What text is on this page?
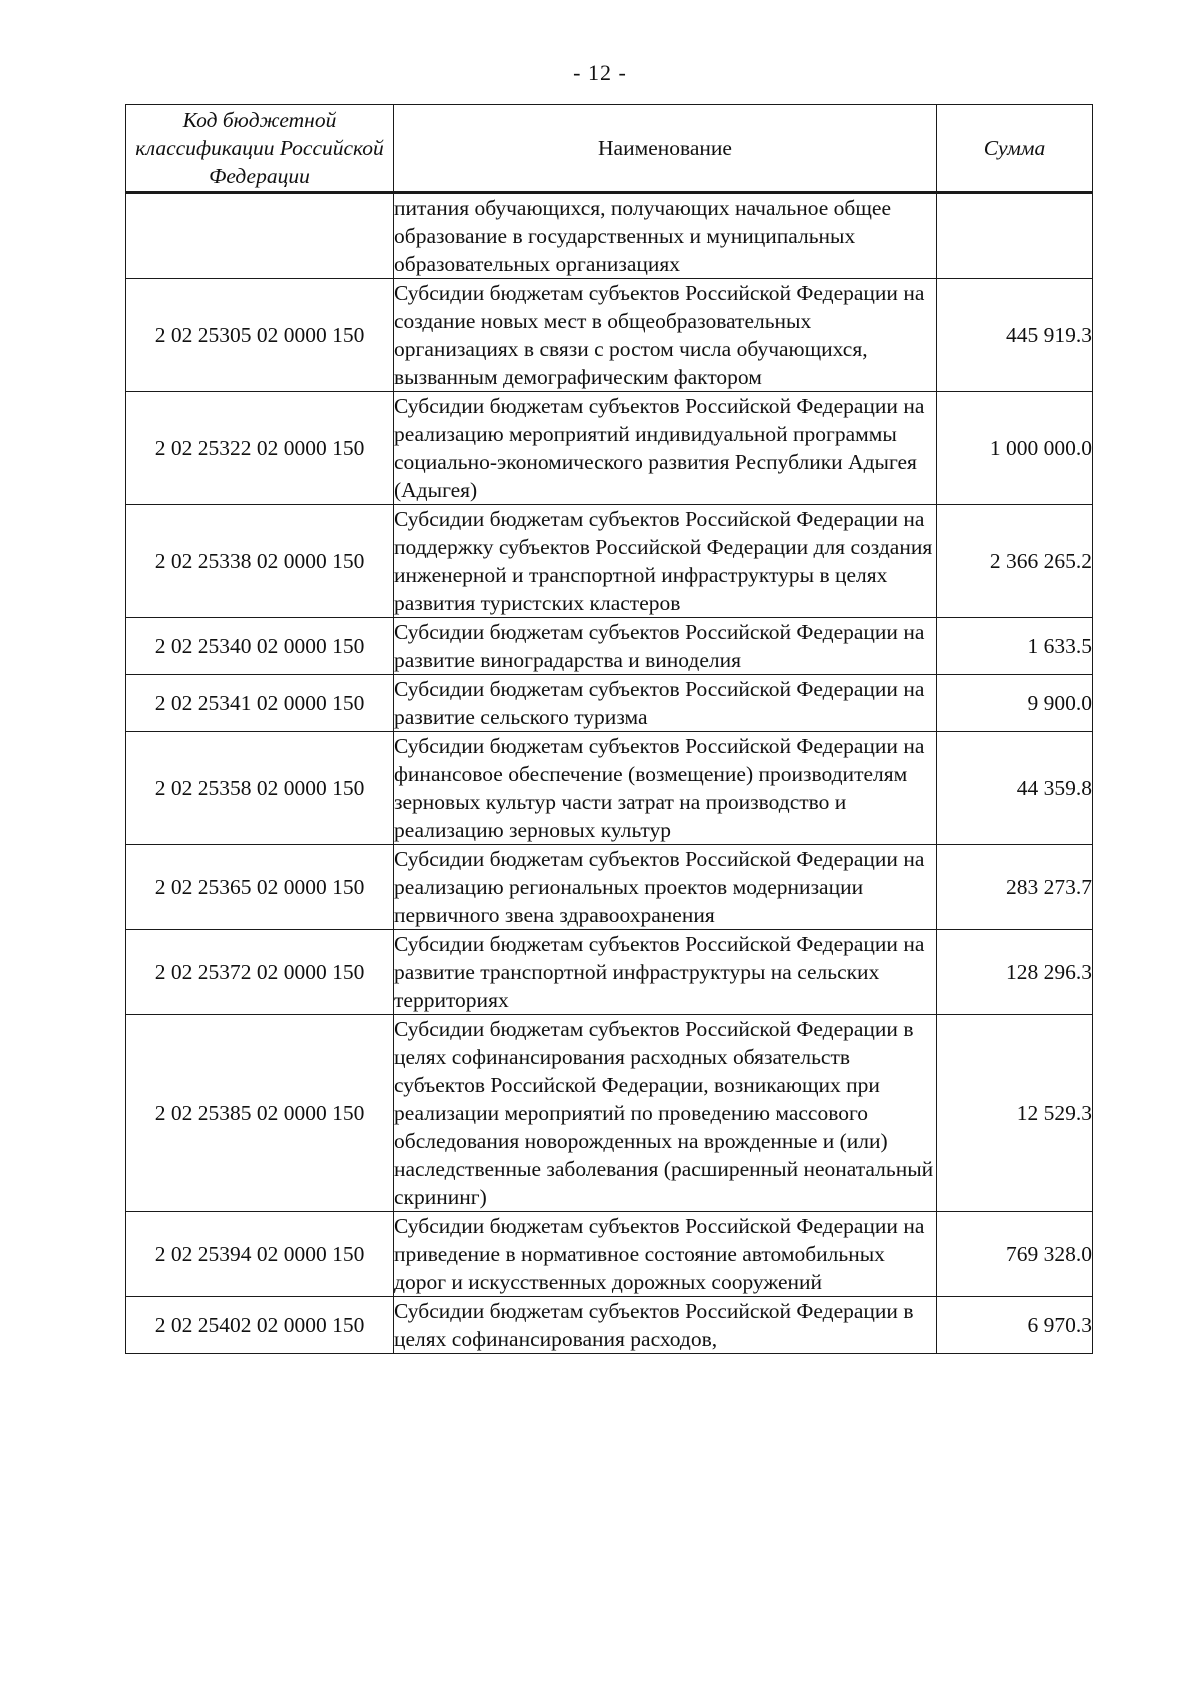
- 12 -
Код бюджетной классификации Российской Федерации	Наименование	Сумма
	питания обучающихся, получающих начальное общее образование в государственных и муниципальных образовательных организациях	
2 02 25305 02 0000 150	Субсидии бюджетам субъектов Российской Федерации на создание новых мест в общеобразовательных организациях в связи с ростом числа обучающихся, вызванным демографическим фактором	445 919.3
2 02 25322 02 0000 150	Субсидии бюджетам субъектов Российской Федерации на реализацию мероприятий индивидуальной программы социально-экономического развития Республики Адыгея (Адыгея)	1 000 000.0
2 02 25338 02 0000 150	Субсидии бюджетам субъектов Российской Федерации на поддержку субъектов Российской Федерации для создания инженерной и транспортной инфраструктуры в целях развития туристских кластеров	2 366 265.2
2 02 25340 02 0000 150	Субсидии бюджетам субъектов Российской Федерации на развитие виноградарства и виноделия	1 633.5
2 02 25341 02 0000 150	Субсидии бюджетам субъектов Российской Федерации на развитие сельского туризма	9 900.0
2 02 25358 02 0000 150	Субсидии бюджетам субъектов Российской Федерации на финансовое обеспечение (возмещение) производителям зерновых культур части затрат на производство и реализацию зерновых культур	44 359.8
2 02 25365 02 0000 150	Субсидии бюджетам субъектов Российской Федерации на реализацию региональных проектов модернизации первичного звена здравоохранения	283 273.7
2 02 25372 02 0000 150	Субсидии бюджетам субъектов Российской Федерации на развитие транспортной инфраструктуры на сельских территориях	128 296.3
2 02 25385 02 0000 150	Субсидии бюджетам субъектов Российской Федерации в целях софинансирования расходных обязательств субъектов Российской Федерации, возникающих при реализации мероприятий по проведению массового обследования новорожденных на врожденные и (или) наследственные заболевания (расширенный неонатальный скрининг)	12 529.3
2 02 25394 02 0000 150	Субсидии бюджетам субъектов Российской Федерации на приведение в нормативное состояние автомобильных дорог и искусственных дорожных сооружений	769 328.0
2 02 25402 02 0000 150	Субсидии бюджетам субъектов Российской Федерации в целях софинансирования расходов,	6 970.3
